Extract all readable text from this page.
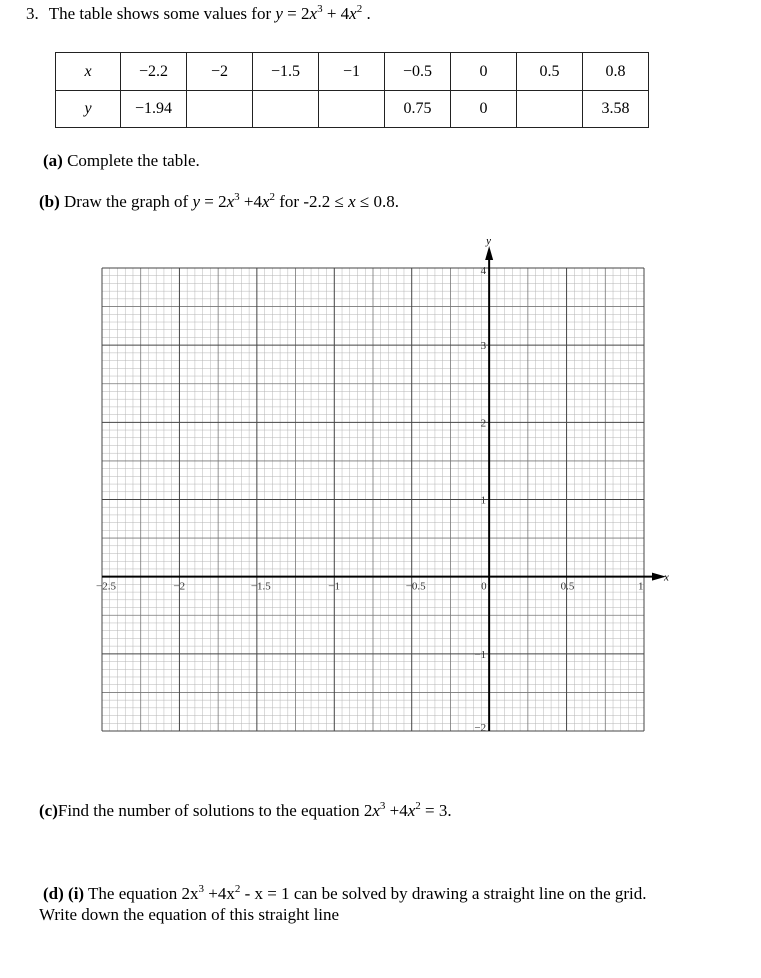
3. The table shows some values for $y = 2x^3 + 4x^2$ .
x	−2.2	−2	−1.5	−1	−0.5	0	0.5	0.8
y	−1.94				0.75	0		3.58
(a) Complete the table.
(b) Draw the graph of $y = 2x^3 +4x^2$ for -2.2 ≤ x ≤ 0.8.
−2.5	−2	−1.5	−1	−0.5	0	0.5	1
−2
−1
1
2
3
4
x
y
(c)Find the number of solutions to the equation $2x^3 +4x^2 = 3$.
(d) (i) The equation $2x^3 +4x^2 - x = 1$ can be solved by drawing a straight line on the grid.
Write down the equation of this straight line
